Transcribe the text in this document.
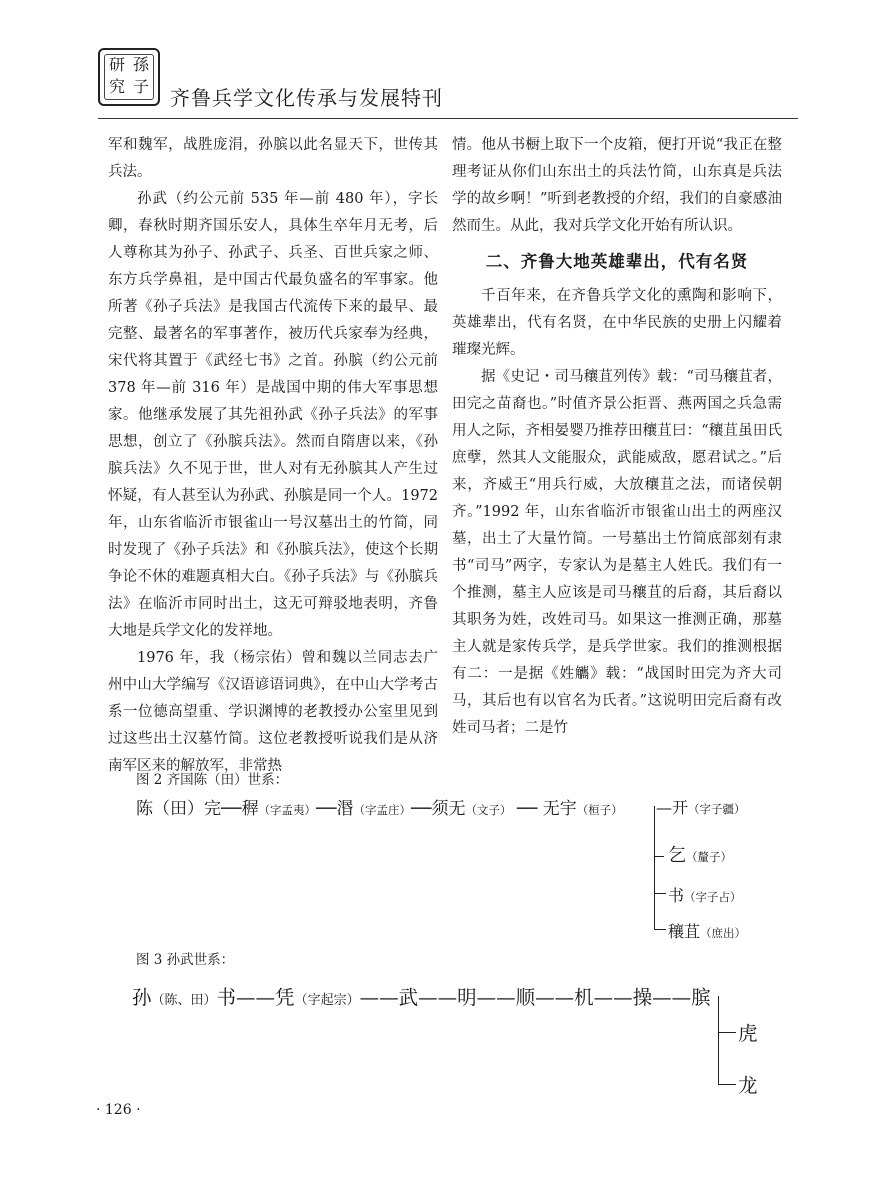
研 孫
究 子 齐鲁兵学文化传承与发展特刊

军和魏军，战胜庞涓，孙膑以此名显天下，世传其兵法。

孙武（约公元前 535 年—前 480 年），字长卿，春秋时期齐国乐安人，具体生卒年月无考，后人尊称其为孙子、孙武子、兵圣、百世兵家之师、东方兵学鼻祖，是中国古代最负盛名的军事家。他所著《孙子兵法》是我国古代流传下来的最早、最完整、最著名的军事著作，被历代兵家奉为经典，宋代将其置于《武经七书》之首。孙膑（约公元前 378 年—前 316 年）是战国中期的伟大军事思想家。他继承发展了其先祖孙武《孙子兵法》的军事思想，创立了《孙膑兵法》。然而自隋唐以来，《孙膑兵法》久不见于世，世人对有无孙膑其人产生过怀疑，有人甚至认为孙武、孙膑是同一个人。1972 年，山东省临沂市银雀山一号汉墓出土的竹简，同时发现了《孙子兵法》和《孙膑兵法》，使这个长期争论不休的难题真相大白。《孙子兵法》与《孙膑兵法》在临沂市同时出土，这无可辩驳地表明，齐鲁大地是兵学文化的发祥地。

1976 年，我（杨宗佑）曾和魏以兰同志去广州中山大学编写《汉语谚语词典》，在中山大学考古系一位德高望重、学识渊博的老教授办公室里见到过这些出土汉墓竹简。这位老教授听说我们是从济南军区来的解放军，非常热

情。他从书橱上取下一个皮箱，便打开说“我正在整理考证从你们山东出土的兵法竹简，山东真是兵法学的故乡啊！”听到老教授的介绍，我们的自豪感油然而生。从此，我对兵学文化开始有所认识。

二、齐鲁大地英雄辈出，代有名贤

千百年来，在齐鲁兵学文化的熏陶和影响下，英雄辈出，代有名贤，在中华民族的史册上闪耀着璀璨光辉。

据《史记・司马穰苴列传》载：“司马穰苴者，田完之苗裔也。”时值齐景公拒晋、燕两国之兵急需用人之际，齐相晏婴乃推荐田穰苴曰：“穰苴虽田氏庶孽，然其人文能服众，武能威敌，愿君试之。”后来，齐威王“用兵行威，大放穰苴之法，而诸侯朝齐。”1992 年，山东省临沂市银雀山出土的两座汉墓，出土了大量竹简。一号墓出土竹简底部刻有隶书“司马”两字，专家认为是墓主人姓氏。我们有一个推测，墓主人应该是司马穰苴的后裔，其后裔以其职务为姓，改姓司马。如果这一推测正确，那墓主人就是家传兵学，是兵学世家。我们的推测根据有二：一是据《姓觿》载：“战国时田完为齐大司马，其后也有以官名为氏者。”这说明田完后裔有改姓司马者；二是竹

图 2 齐国陈（田）世系：
陈（田）完──稺（字孟夷）──湣（字孟庄）──须无（文子） ── 无宇（桓子） —开（字子疆）
乞（釐子）
书（字子占）
穰苴（庶出）
图 3 孙武世系：
孙（陈、田）书——凭（字起宗）——武——明——顺——机——操——膑
虎
龙
· 126 ·
